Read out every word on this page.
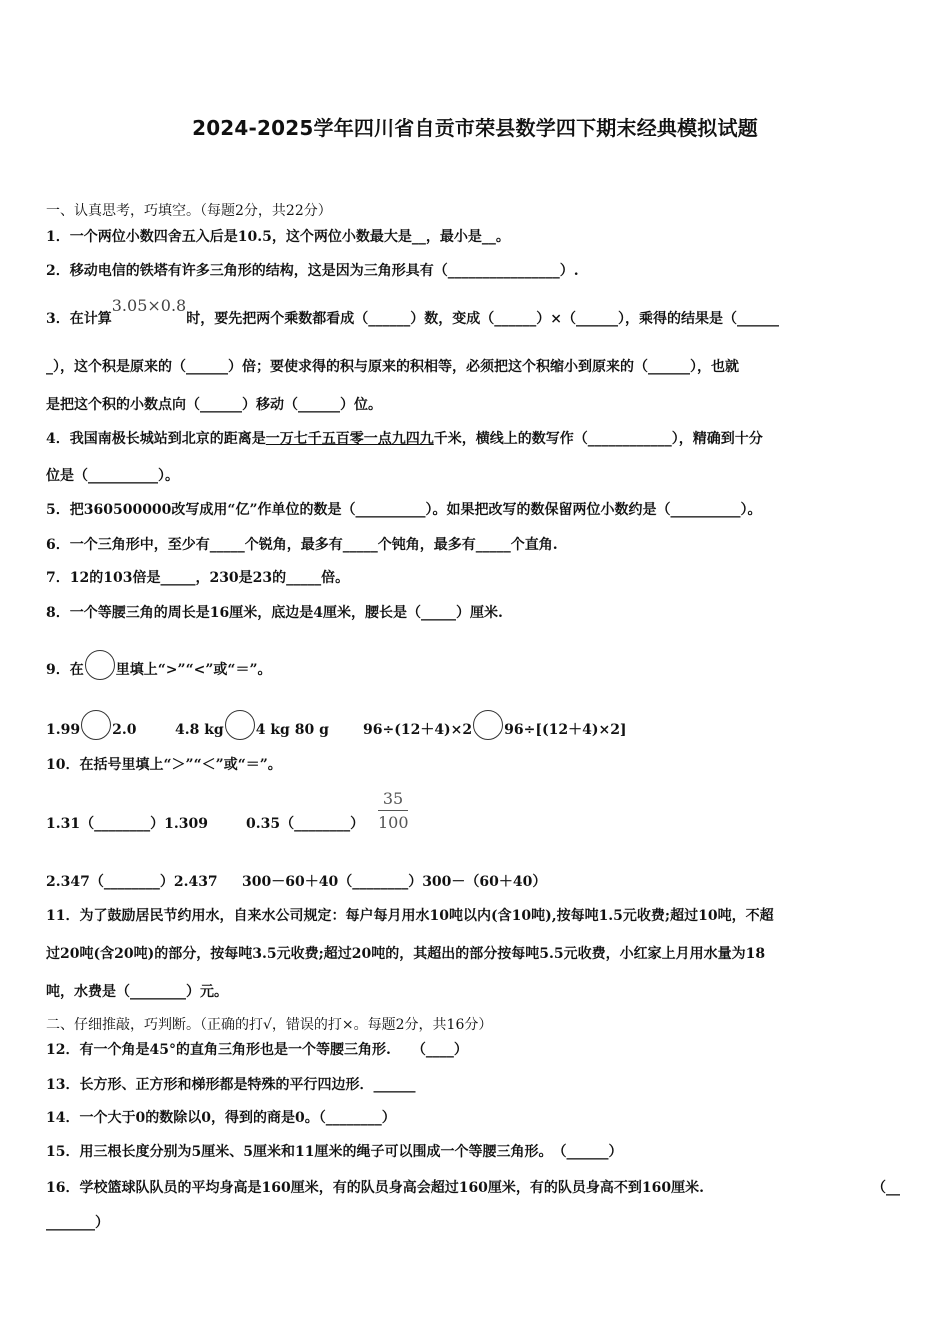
2024-2025学年四川省自贡市荣县数学四下期末经典模拟试题
一、认真思考，巧填空。（每题2分，共22分）
1．一个两位小数四舍五入后是10.5，这个两位小数最大是__，最小是__。
2．移动电信的铁塔有许多三角形的结构，这是因为三角形具有（________________）.
3．在计算3.05×0.8时，要先把两个乘数都看成（______）数，变成（______）×（______），乘得的结果是（______
_），这个积是原来的（______）倍；要使求得的积与原来的积相等，必须把这个积缩小到原来的（______），也就
是把这个积的小数点向（______）移动（______）位。
4．我国南极长城站到北京的距离是一万七千五百零一点九四九千米，横线上的数写作（____________），精确到十分
位是（__________）。
5．把360500000改写成用“亿”作单位的数是（__________）。如果把改写的数保留两位小数约是（__________）。
6．一个三角形中，至少有_____个锐角，最多有_____个钝角，最多有_____个直角.
7．12的103倍是_____，230是23的_____倍。
8．一个等腰三角的周长是16厘米，底边是4厘米，腰长是（_____）厘米.
9．在 里填上“>”“<”或“＝”。
1.99 2.0	4.8 kg 4 kg 80 g 96÷(12＋4)×2 96÷[(12＋4)×2]
10．在括号里填上“＞”“＜”或“＝”。
1.31（________）1.309	0.35（________）
35
100
2.347（________）2.437 300－60＋40（________）300－（60＋40）
11．为了鼓励居民节约用水，自来水公司规定：每户每月用水10吨以内(含10吨),按每吨1.5元收费;超过10吨，不超
过20吨(含20吨)的部分，按每吨3.5元收费;超过20吨的，其超出的部分按每吨5.5元收费，小红家上月用水量为18
吨，水费是（________）元。
二、仔细推敲，巧判断。（正确的打√，错误的打×。每题2分，共16分）
12．有一个角是45°的直角三角形也是一个等腰三角形.　　（____）
13．长方形、正方形和梯形都是特殊的平行四边形．______
14．一个大于0的数除以0，得到的商是0。（________）
15．用三根长度分别为5厘米、5厘米和11厘米的绳子可以围成一个等腰三角形。　（______）
16．学校篮球队队员的平均身高是160厘米，有的队员身高会超过160厘米，有的队员身高不到160厘米.	（__
_______）
